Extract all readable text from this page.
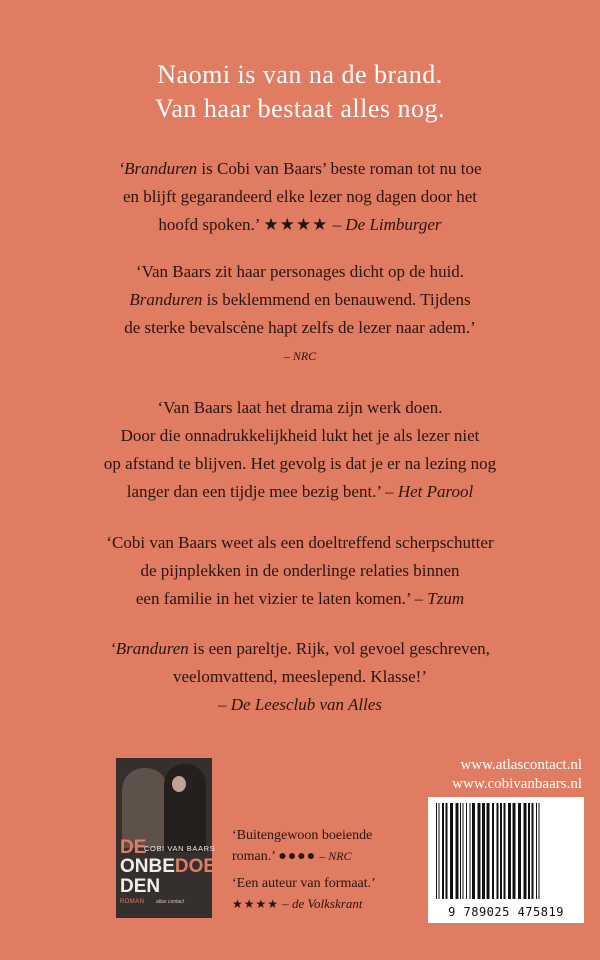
Naomi is van na de brand.
Van haar bestaat alles nog.
‘Branduren is Cobi van Baars’ beste roman tot nu toe
en blijft gegarandeerd elke lezer nog dagen door het
hoofd spoken.’ ★★★★ – De Limburger
‘Van Baars zit haar personages dicht op de huid.
Branduren is beklemmend en benauwend. Tijdens
de sterke bevalscène hapt zelfs de lezer naar adem.’
– NRC
‘Van Baars laat het drama zijn werk doen.
Door die onnadrukkelijkheid lukt het je als lezer niet
op afstand te blijven. Het gevolg is dat je er na lezing nog
langer dan een tijdje mee bezig bent.’ – Het Parool
‘Cobi van Baars weet als een doeltreffend scherpschutter
de pijnplekken in de onderlinge relaties binnen
een familie in het vizier te laten komen.’ – Tzum
‘Branduren is een pareltje. Rijk, vol gevoel geschreven,
veelomvattend, meeslepend. Klasse!’
– De Leesclub van Alles
www.atlascontact.nl
www.cobivanbaars.nl
9 789025 475819
DE
COBI VAN BAARS
ONBEDOEL
DEN
ROMAN atlas contact
‘Buitengewoon boeiende
roman.’ ●●●● – NRC
‘Een auteur van formaat.’
★★★★ – de Volkskrant
